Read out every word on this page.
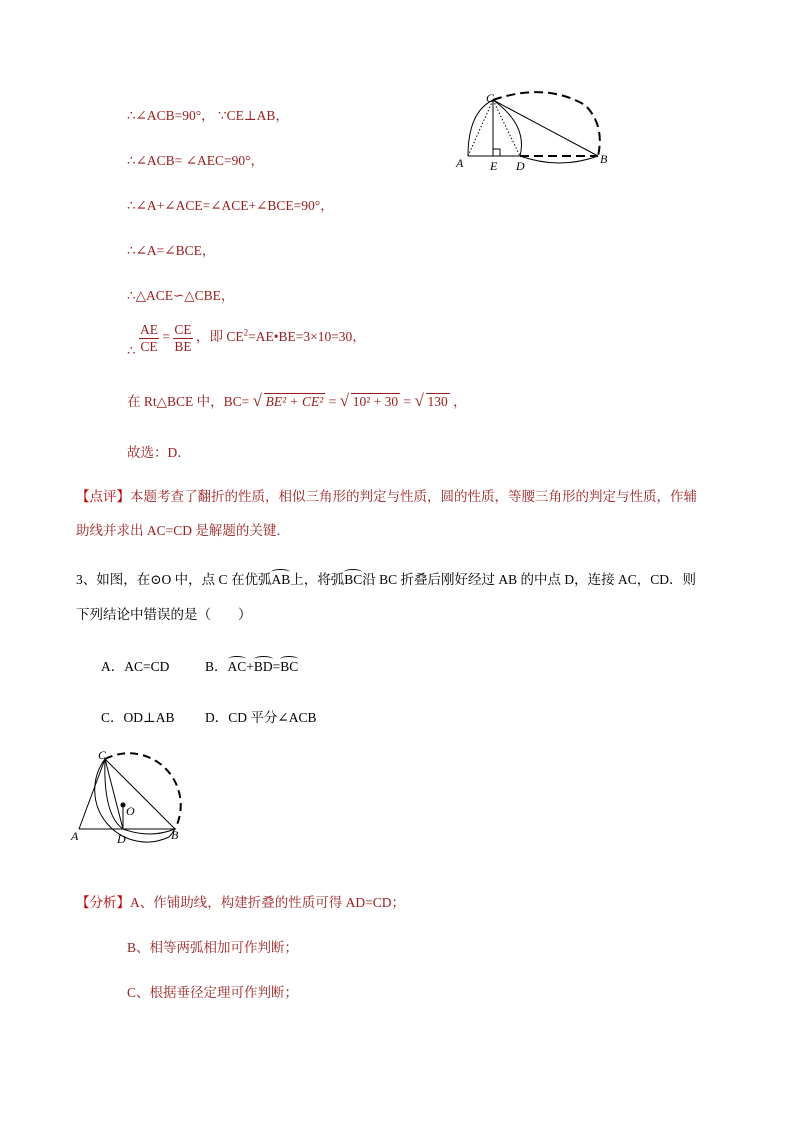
∴∠ACB=90°， ∵CE⊥AB，
∴∠ACB= ∠AEC=90°，
∴∠A+∠ACE=∠ACE+∠BCE=90°，
∴∠A=∠BCE，
∴△ACE∽△CBE，
∴ $\frac{AE}{CE} = \frac{CE}{BE}$ ，即 $CE^2=AE•BE=3\times 10=30$，
在 Rt△BCE 中，BC= √ BE² + CE² = √ 10² + 30 = √ 130 ，
故选：D．
【点评】本题考查了翻折的性质，相似三角形的判定与性质，圆的性质，等腰三角形的判定与性质，作辅
助线并求出 AC=CD 是解题的关键．
3、如图，在⊙O 中，点 C 在优弧AB上，将弧BC沿 BC 折叠后刚好经过 AB 的中点 D，连接 AC，CD．则
下列结论中错误的是（　　）
A．AC=CD	B．AC+BD=BC
C．OD⊥AB D．CD 平分∠ACB
【分析】A、作铺助线，构建折叠的性质可得 AD=CD；
B、相等两弧相加可作判断；
C、根据垂径定理可作判断；
C
A E D	B
C
O
A	D	B
